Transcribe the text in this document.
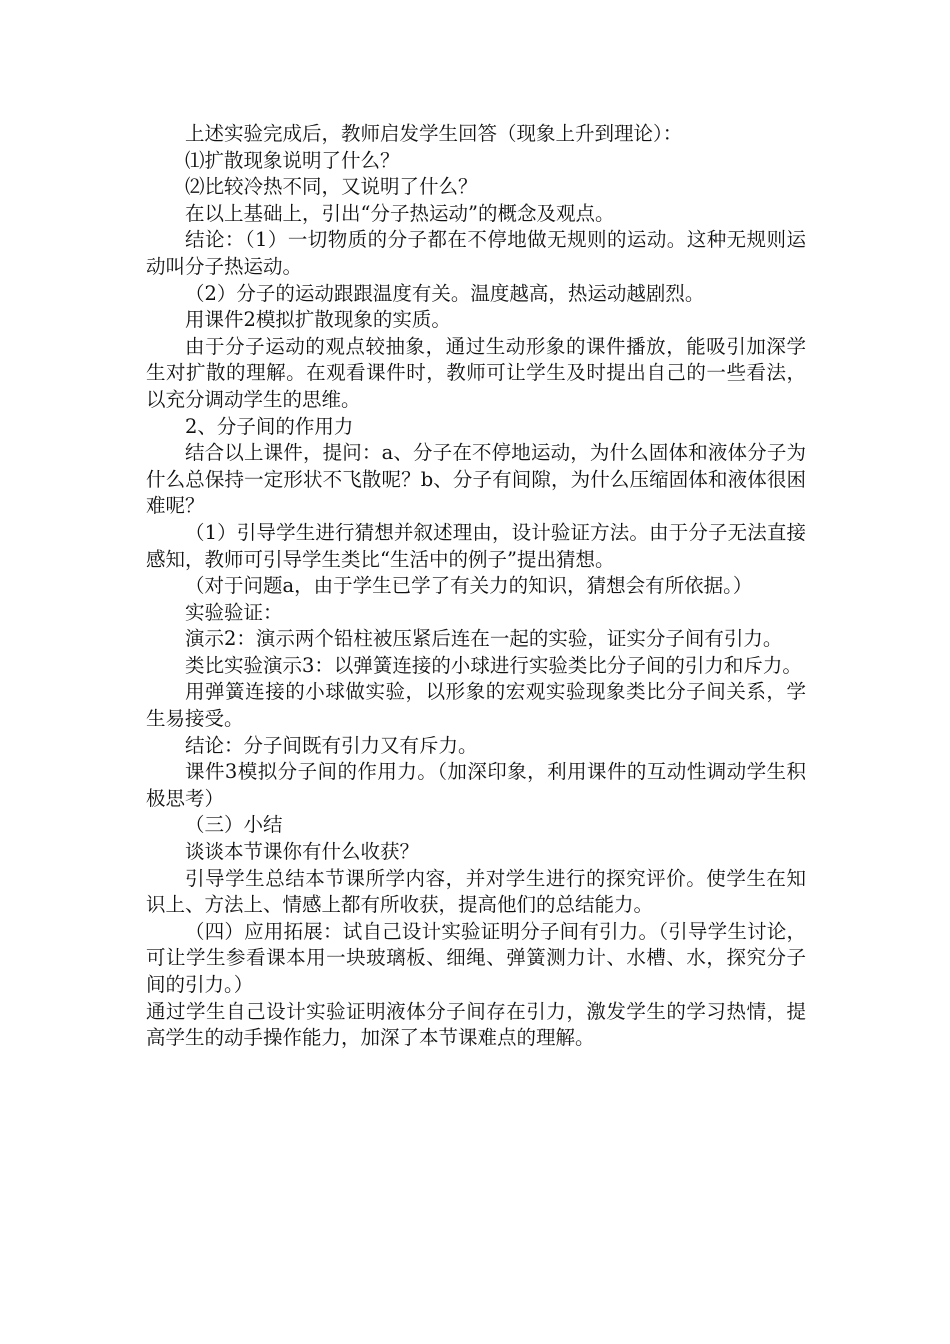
上述实验完成后，教师启发学生回答（现象上升到理论）：

⑴扩散现象说明了什么？

⑵比较冷热不同，又说明了什么？

在以上基础上，引出“分子热运动”的概念及观点。

结论：（1）一切物质的分子都在不停地做无规则的运动。这种无规则运动叫分子热运动。

（2）分子的运动跟跟温度有关。温度越高，热运动越剧烈。

用课件2模拟扩散现象的实质。

由于分子运动的观点较抽象，通过生动形象的课件播放，能吸引加深学生对扩散的理解。在观看课件时，教师可让学生及时提出自己的一些看法，以充分调动学生的思维。

2、分子间的作用力

结合以上课件，提问：a、分子在不停地运动，为什么固体和液体分子为什么总保持一定形状不飞散呢？b、分子有间隙，为什么压缩固体和液体很困难呢？

（1）引导学生进行猜想并叙述理由，设计验证方法。由于分子无法直接感知，教师可引导学生类比“生活中的例子”提出猜想。

（对于问题a，由于学生已学了有关力的知识，猜想会有所依据。）

实验验证：

演示2：演示两个铅柱被压紧后连在一起的实验，证实分子间有引力。

类比实验演示3：以弹簧连接的小球进行实验类比分子间的引力和斥力。

用弹簧连接的小球做实验，以形象的宏观实验现象类比分子间关系，学生易接受。

结论：分子间既有引力又有斥力。

课件3模拟分子间的作用力。（加深印象，利用课件的互动性调动学生积极思考）

（三）小结

谈谈本节课你有什么收获？

引导学生总结本节课所学内容，并对学生进行的探究评价。使学生在知识上、方法上、情感上都有所收获，提高他们的总结能力。

（四）应用拓展：试自己设计实验证明分子间有引力。（引导学生讨论，可让学生参看课本用一块玻璃板、细绳、弹簧测力计、水槽、水，探究分子间的引力。）

通过学生自己设计实验证明液体分子间存在引力，激发学生的学习热情，提高学生的动手操作能力，加深了本节课难点的理解。
